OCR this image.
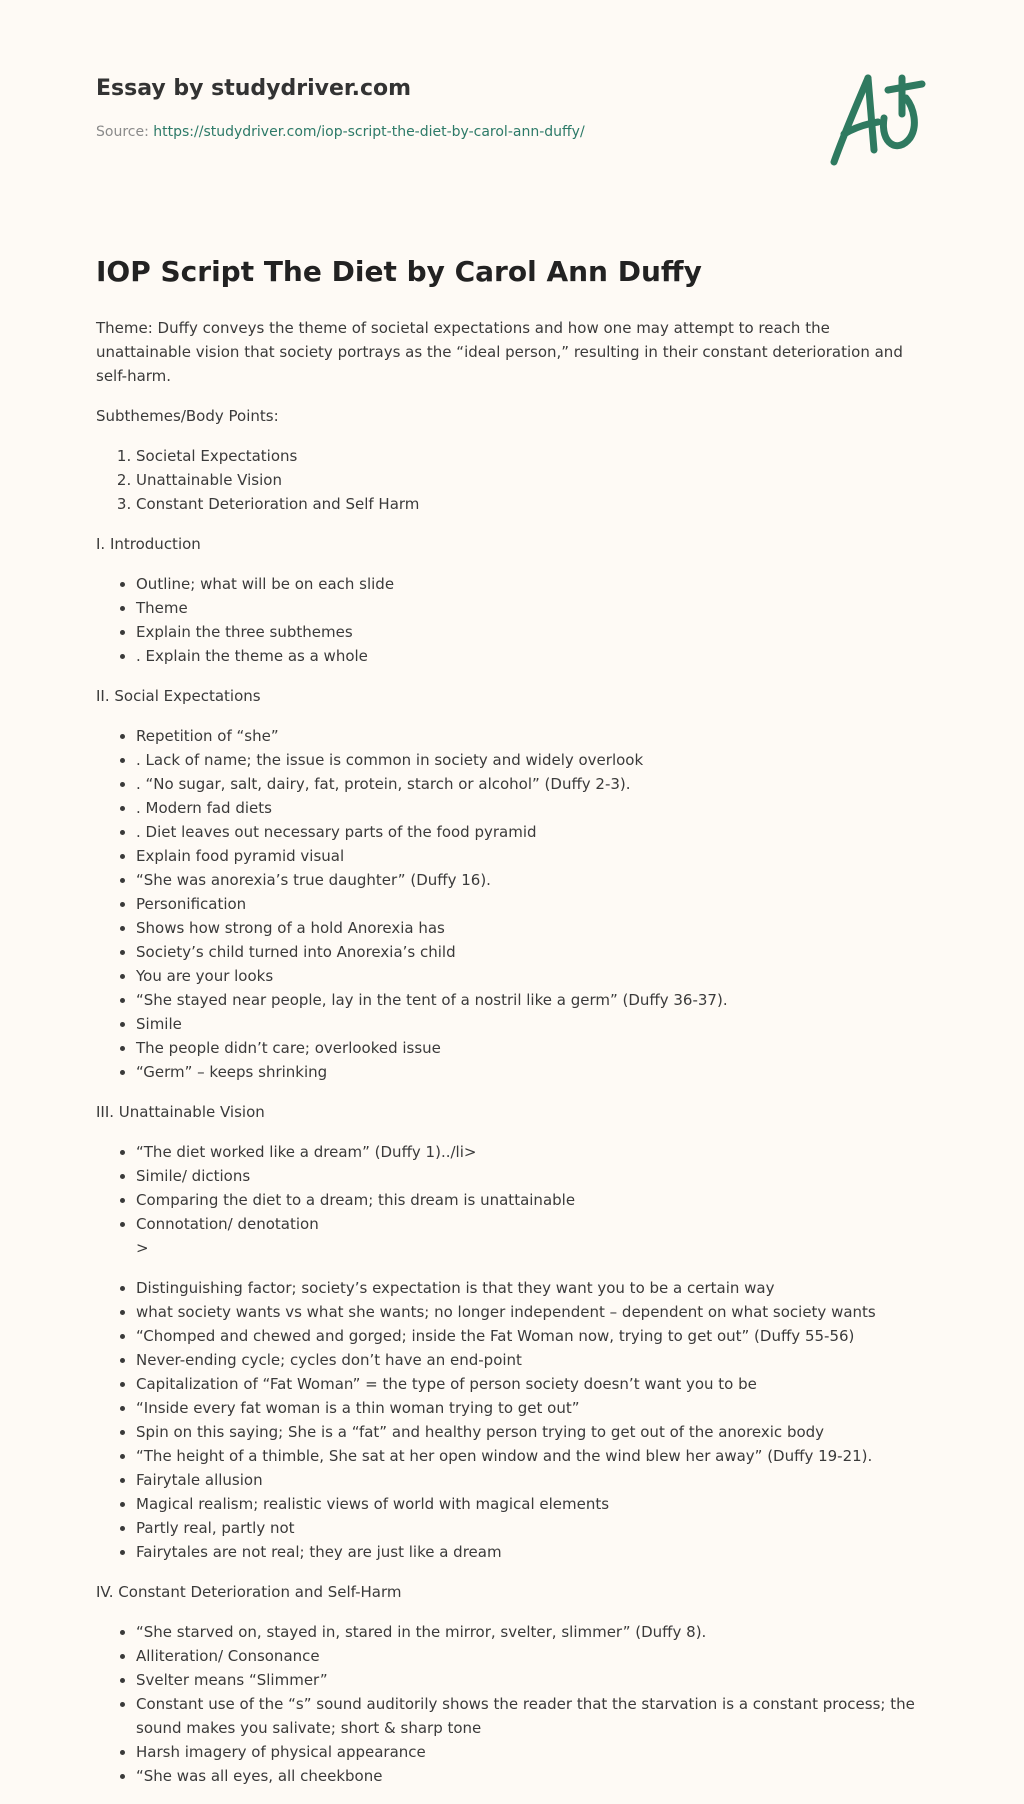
Essay by studydriver.com
Source: https://studydriver.com/iop-script-the-diet-by-carol-ann-duffy/
IOP Script The Diet by Carol Ann Duffy

Theme: Duffy conveys the theme of societal expectations and how one may attempt to reach the unattainable vision that society portrays as the “ideal person,” resulting in their constant deterioration and self-harm.

Subthemes/Body Points:

1. Societal Expectations
2. Unattainable Vision
3. Constant Deterioration and Self Harm

I. Introduction

• Outline; what will be on each slide
• Theme
• Explain the three subthemes
• . Explain the theme as a whole

II. Social Expectations

• Repetition of “she”
• . Lack of name; the issue is common in society and widely overlook
• . “No sugar, salt, dairy, fat, protein, starch or alcohol” (Duffy 2-3).
• . Modern fad diets
• . Diet leaves out necessary parts of the food pyramid
• Explain food pyramid visual
• “She was anorexia’s true daughter” (Duffy 16).
• Personification
• Shows how strong of a hold Anorexia has
• Society’s child turned into Anorexia’s child
• You are your looks
• “She stayed near people, lay in the tent of a nostril like a germ” (Duffy 36-37).
• Simile
• The people didn’t care; overlooked issue
• “Germ” – keeps shrinking

III. Unattainable Vision

• “The diet worked like a dream” (Duffy 1)../li>
• Simile/ dictions
• Comparing the diet to a dream; this dream is unattainable
• Connotation/ denotation
>
• Distinguishing factor; society’s expectation is that they want you to be a certain way
• what society wants vs what she wants; no longer independent – dependent on what society wants
• “Chomped and chewed and gorged; inside the Fat Woman now, trying to get out” (Duffy 55-56)
• Never-ending cycle; cycles don’t have an end-point
• Capitalization of “Fat Woman” = the type of person society doesn’t want you to be
• “Inside every fat woman is a thin woman trying to get out”
• Spin on this saying; She is a “fat” and healthy person trying to get out of the anorexic body
• “The height of a thimble, She sat at her open window and the wind blew her away” (Duffy 19-21).
• Fairytale allusion
• Magical realism; realistic views of world with magical elements
• Partly real, partly not
• Fairytales are not real; they are just like a dream

IV. Constant Deterioration and Self-Harm

• “She starved on, stayed in, stared in the mirror, svelter, slimmer” (Duffy 8).
• Alliteration/ Consonance
• Svelter means “Slimmer”
• Constant use of the “s” sound auditorily shows the reader that the starvation is a constant process; the sound makes you salivate; short & sharp tone
• Harsh imagery of physical appearance
• “She was all eyes, all cheekbone
